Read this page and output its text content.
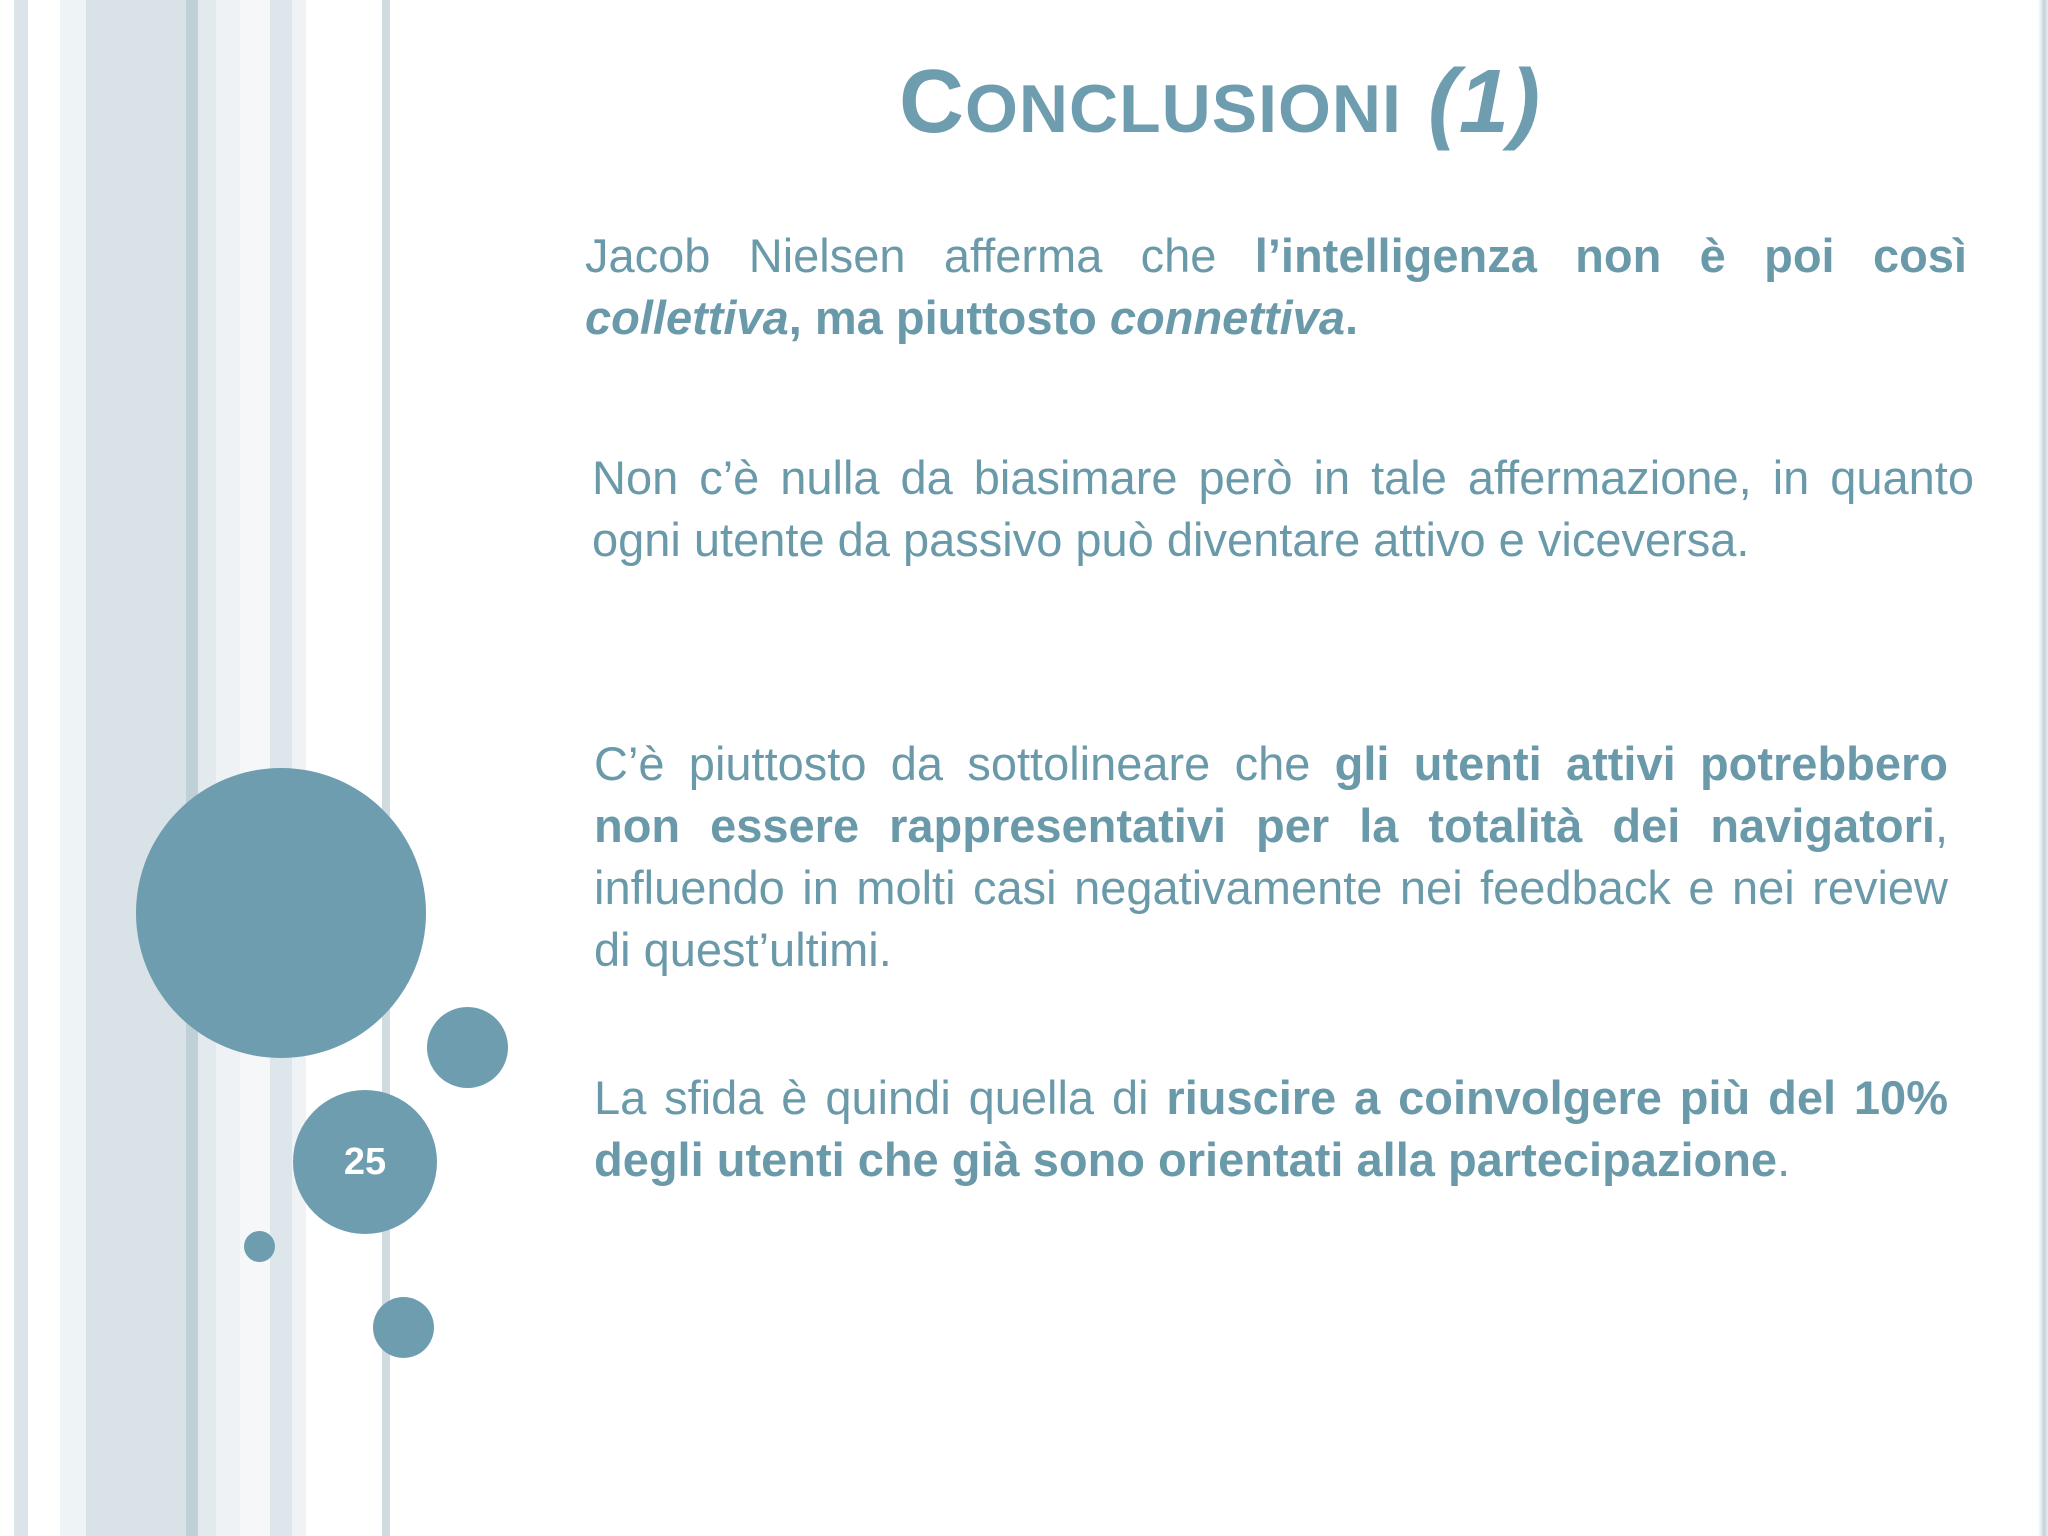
25
CONCLUSIONI (1)
Jacob Nielsen afferma che l’intelligenza non è poi così collettiva, ma piuttosto connettiva.
Non c’è nulla da biasimare però in tale affermazione, in quanto ogni utente da passivo può diventare attivo e viceversa.
C’è piuttosto da sottolineare che gli utenti attivi potrebbero non essere rappresentativi per la totalità dei navigatori, influendo in molti casi negativamente nei feedback e nei review di quest’ultimi.
La sfida è quindi quella di riuscire a coinvolgere più del 10% degli utenti che già sono orientati alla partecipazione.
